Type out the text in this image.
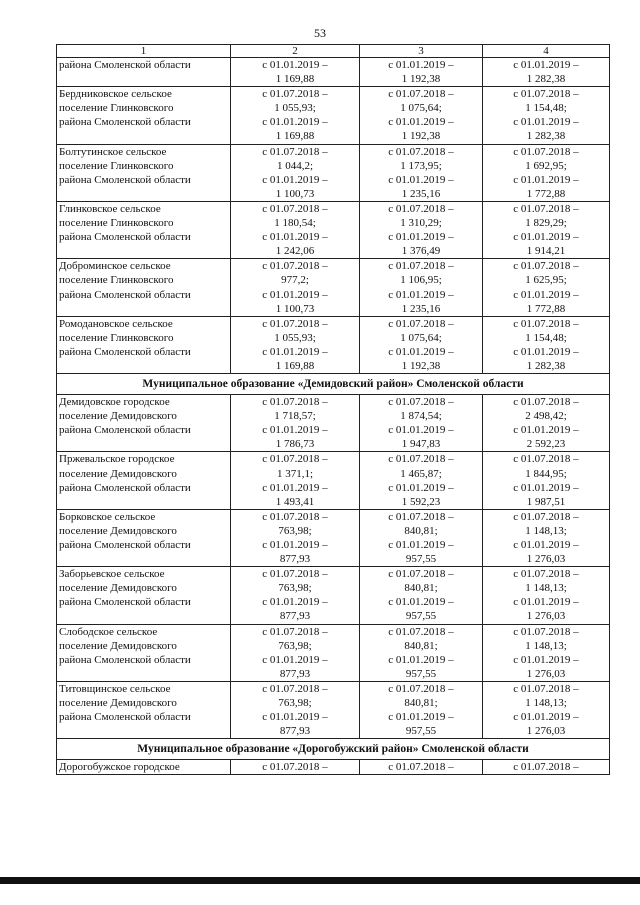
53
1	2	3	4

района Смоленской области	с 01.01.2019 –
1 169,88	с 01.01.2019 –
1 192,38	с 01.01.2019 –
1 282,38

Бердниковское сельское
поселение Глинковского
района Смоленской области	с 01.07.2018 –
1 055,93;
с 01.01.2019 –
1 169,88	с 01.07.2018 –
1 075,64;
с 01.01.2019 –
1 192,38	с 01.07.2018 –
1 154,48;
с 01.01.2019 –
1 282,38

Болтутинское сельское
поселение Глинковского
района Смоленской области	с 01.07.2018 –
1 044,2;
с 01.01.2019 –
1 100,73	с 01.07.2018 –
1 173,95;
с 01.01.2019 –
1 235,16	с 01.07.2018 –
1 692,95;
с 01.01.2019 –
1 772,88

Глинковское сельское
поселение Глинковского
района Смоленской области	с 01.07.2018 –
1 180,54;
с 01.01.2019 –
1 242,06	с 01.07.2018 –
1 310,29;
с 01.01.2019 –
1 376,49	с 01.07.2018 –
1 829,29;
с 01.01.2019 –
1 914,21

Доброминское сельское
поселение Глинковского
района Смоленской области	с 01.07.2018 –
977,2;
с 01.01.2019 –
1 100,73	с 01.07.2018 –
1 106,95;
с 01.01.2019 –
1 235,16	с 01.07.2018 –
1 625,95;
с 01.01.2019 –
1 772,88

Ромодановское сельское
поселение Глинковского
района Смоленской области	с 01.07.2018 –
1 055,93;
с 01.01.2019 –
1 169,88	с 01.07.2018 –
1 075,64;
с 01.01.2019 –
1 192,38	с 01.07.2018 –
1 154,48;
с 01.01.2019 –
1 282,38

Муниципальное образование «Демидовский район» Смоленской области			

Демидовское городское
поселение Демидовского
района Смоленской области	с 01.07.2018 –
1 718,57;
с 01.01.2019 –
1 786,73	с 01.07.2018 –
1 874,54;
с 01.01.2019 –
1 947,83	с 01.07.2018 –
2 498,42;
с 01.01.2019 –
2 592,23

Пржевальское городское
поселение Демидовского
района Смоленской области	с 01.07.2018 –
1 371,1;
с 01.01.2019 –
1 493,41	с 01.07.2018 –
1 465,87;
с 01.01.2019 –
1 592,23	с 01.07.2018 –
1 844,95;
с 01.01.2019 –
1 987,51

Борковское сельское
поселение Демидовского
района Смоленской области	с 01.07.2018 –
763,98;
с 01.01.2019 –
877,93	с 01.07.2018 –
840,81;
с 01.01.2019 –
957,55	с 01.07.2018 –
1 148,13;
с 01.01.2019 –
1 276,03

Заборьевское сельское
поселение Демидовского
района Смоленской области	с 01.07.2018 –
763,98;
с 01.01.2019 –
877,93	с 01.07.2018 –
840,81;
с 01.01.2019 –
957,55	с 01.07.2018 –
1 148,13;
с 01.01.2019 –
1 276,03

Слободское сельское
поселение Демидовского
района Смоленской области	с 01.07.2018 –
763,98;
с 01.01.2019 –
877,93	с 01.07.2018 –
840,81;
с 01.01.2019 –
957,55	с 01.07.2018 –
1 148,13;
с 01.01.2019 –
1 276,03

Титовщинское сельское
поселение Демидовского
района Смоленской области	с 01.07.2018 –
763,98;
с 01.01.2019 –
877,93	с 01.07.2018 –
840,81;
с 01.01.2019 –
957,55	с 01.07.2018 –
1 148,13;
с 01.01.2019 –
1 276,03

Муниципальное образование «Дорогобужский район» Смоленской области			

Дорогобужское городское	с 01.07.2018 –	с 01.07.2018 –	с 01.07.2018 –
